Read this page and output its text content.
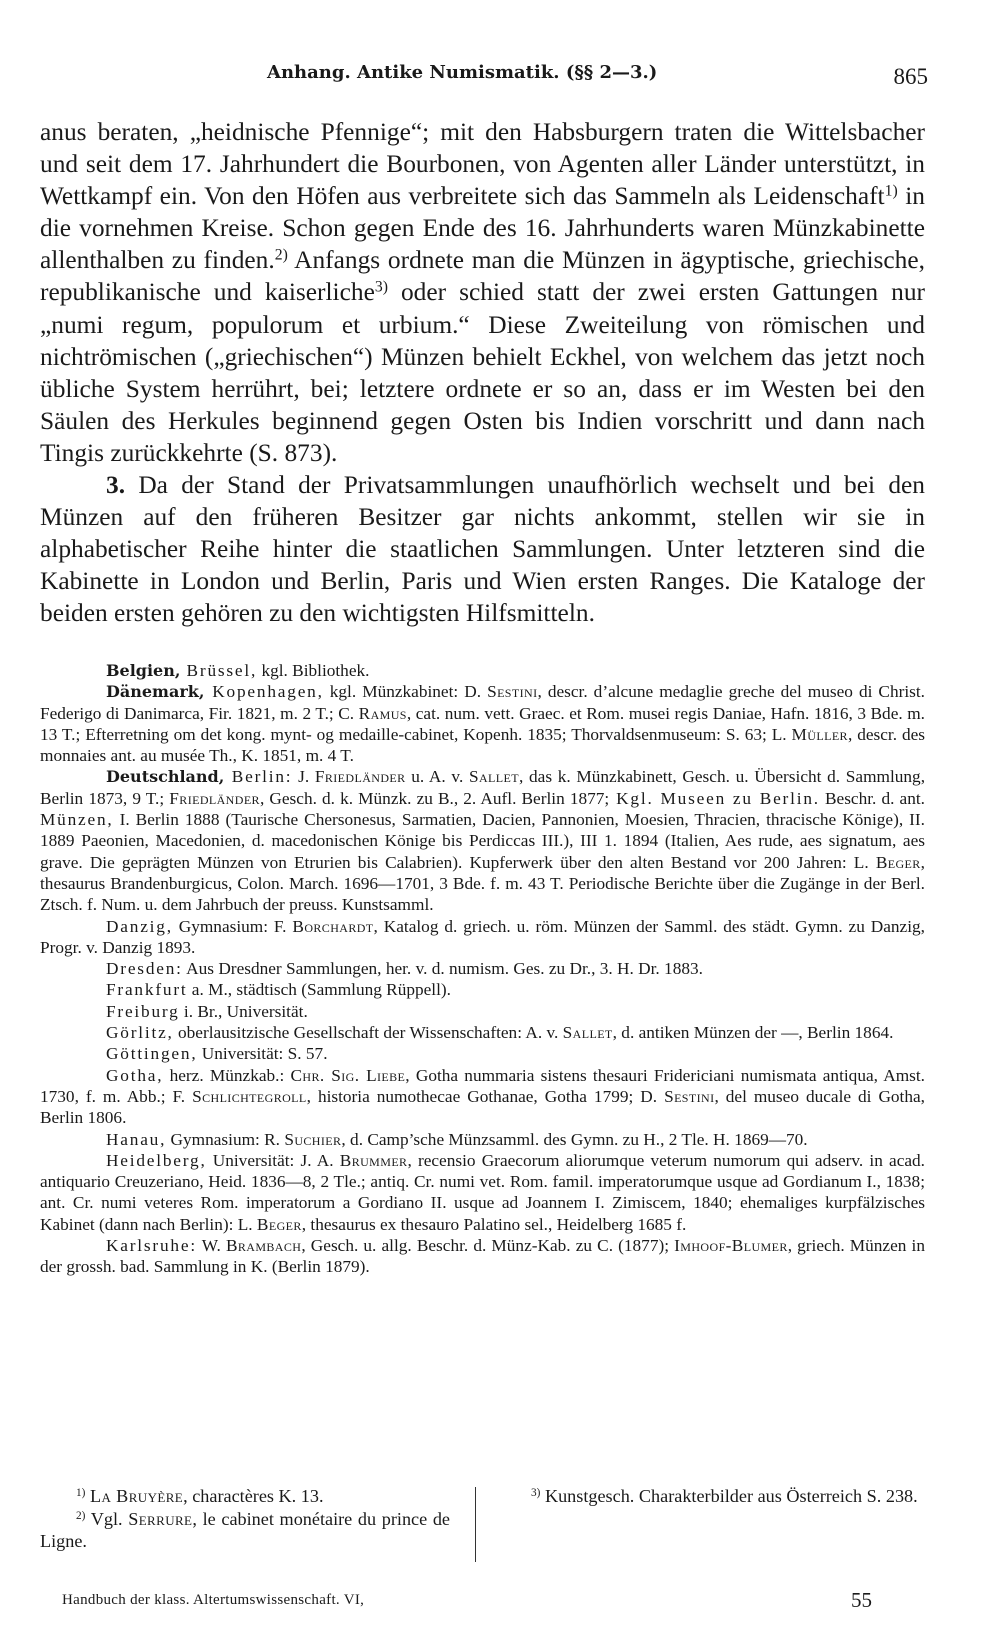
Anhang. Antike Numismatik. (§§ 2—3.)	865

anus beraten, „heidnische Pfennige“; mit den Habsburgern traten die Wittelsbacher und seit dem 17. Jahrhundert die Bourbonen, von Agenten aller Länder unterstützt, in Wettkampf ein. Von den Höfen aus verbreitete sich das Sammeln als Leidenschaft$^{1)}$ in die vornehmen Kreise. Schon gegen Ende des 16. Jahrhunderts waren Münzkabinette allenthalben zu finden.$^{2)}$ Anfangs ordnete man die Münzen in ägyptische, griechische, republikanische und kaiserliche$^{3)}$ oder schied statt der zwei ersten Gattungen nur „numi regum, populorum et urbium.“ Diese Zweiteilung von römischen und nichtrömischen („griechischen“) Münzen behielt Eckhel, von welchem das jetzt noch übliche System herrührt, bei; letztere ordnete er so an, dass er im Westen bei den Säulen des Herkules beginnend gegen Osten bis Indien vorschritt und dann nach Tingis zurückkehrte (S. 873).

3. Da der Stand der Privatsammlungen unaufhörlich wechselt und bei den Münzen auf den früheren Besitzer gar nichts ankommt, stellen wir sie in alphabetischer Reihe hinter die staatlichen Sammlungen. Unter letzteren sind die Kabinette in London und Berlin, Paris und Wien ersten Ranges. Die Kataloge der beiden ersten gehören zu den wichtigsten Hilfsmitteln.

Belgien, Brüssel, kgl. Bibliothek.

Dänemark, Kopenhagen, kgl. Münzkabinet: D. Sestini, descr. d’alcune medaglie greche del museo di Christ. Federigo di Danimarca, Fir. 1821, m. 2 T.; C. Ramus, cat. num. vett. Graec. et Rom. musei regis Daniae, Hafn. 1816, 3 Bde. m. 13 T.; Efterretning om det kong. mynt- og medaille-cabinet, Kopenh. 1835; Thorvaldsenmuseum: S. 63; L. Müller, descr. des monnaies ant. au musée Th., K. 1851, m. 4 T.

Deutschland, Berlin: J. Friedländer u. A. v. Sallet, das k. Münzkabinett, Gesch. u. Übersicht d. Sammlung, Berlin 1873, 9 T.; Friedländer, Gesch. d. k. Münzk. zu B., 2. Aufl. Berlin 1877; Kgl. Museen zu Berlin. Beschr. d. ant. Münzen, I. Berlin 1888 (Taurische Chersonesus, Sarmatien, Dacien, Pannonien, Moesien, Thracien, thracische Könige), II. 1889 Paeonien, Macedonien, d. macedonischen Könige bis Perdiccas III.), III 1. 1894 (Italien, Aes rude, aes signatum, aes grave. Die geprägten Münzen von Etrurien bis Calabrien). Kupferwerk über den alten Bestand vor 200 Jahren: L. Beger, thesaurus Brandenburgicus, Colon. March. 1696—1701, 3 Bde. f. m. 43 T. Periodische Berichte über die Zugänge in der Berl. Ztsch. f. Num. u. dem Jahrbuch der preuss. Kunstsamml.

Danzig, Gymnasium: F. Borchardt, Katalog d. griech. u. röm. Münzen der Samml. des städt. Gymn. zu Danzig, Progr. v. Danzig 1893.

Dresden: Aus Dresdner Sammlungen, her. v. d. numism. Ges. zu Dr., 3. H. Dr. 1883.

Frankfurt a. M., städtisch (Sammlung Rüppell).

Freiburg i. Br., Universität.

Görlitz, oberlausitzische Gesellschaft der Wissenschaften: A. v. Sallet, d. antiken Münzen der —, Berlin 1864.

Göttingen, Universität: S. 57.

Gotha, herz. Münzkab.: Chr. Sig. Liebe, Gotha nummaria sistens thesauri Fridericiani numismata antiqua, Amst. 1730, f. m. Abb.; F. Schlichtegroll, historia numothecae Gothanae, Gotha 1799; D. Sestini, del museo ducale di Gotha, Berlin 1806.

Hanau, Gymnasium: R. Suchier, d. Camp’sche Münzsamml. des Gymn. zu H., 2 Tle. H. 1869—70.

Heidelberg, Universität: J. A. Brummer, recensio Graecorum aliorumque veterum numorum qui adserv. in acad. antiquario Creuzeriano, Heid. 1836—8, 2 Tle.; antiq. Cr. numi vet. Rom. famil. imperatorumque usque ad Gordianum I., 1838; ant. Cr. numi veteres Rom. imperatorum a Gordiano II. usque ad Joannem I. Zimiscem, 1840; ehemaliges kurpfälzisches Kabinet (dann nach Berlin): L. Beger, thesaurus ex thesauro Palatino sel., Heidelberg 1685 f.

Karlsruhe: W. Brambach, Gesch. u. allg. Beschr. d. Münz-Kab. zu C. (1877); Imhoof-Blumer, griech. Münzen in der grossh. bad. Sammlung in K. (Berlin 1879).

$^{1)}$ La Bruyère, charactères K. 13.

$^{2)}$ Vgl. Serrure, le cabinet monétaire du prince de Ligne.

$^{3)}$ Kunstgesch. Charakterbilder aus Österreich S. 238.

Handbuch der klass. Altertumswissenschaft. VI,	55
